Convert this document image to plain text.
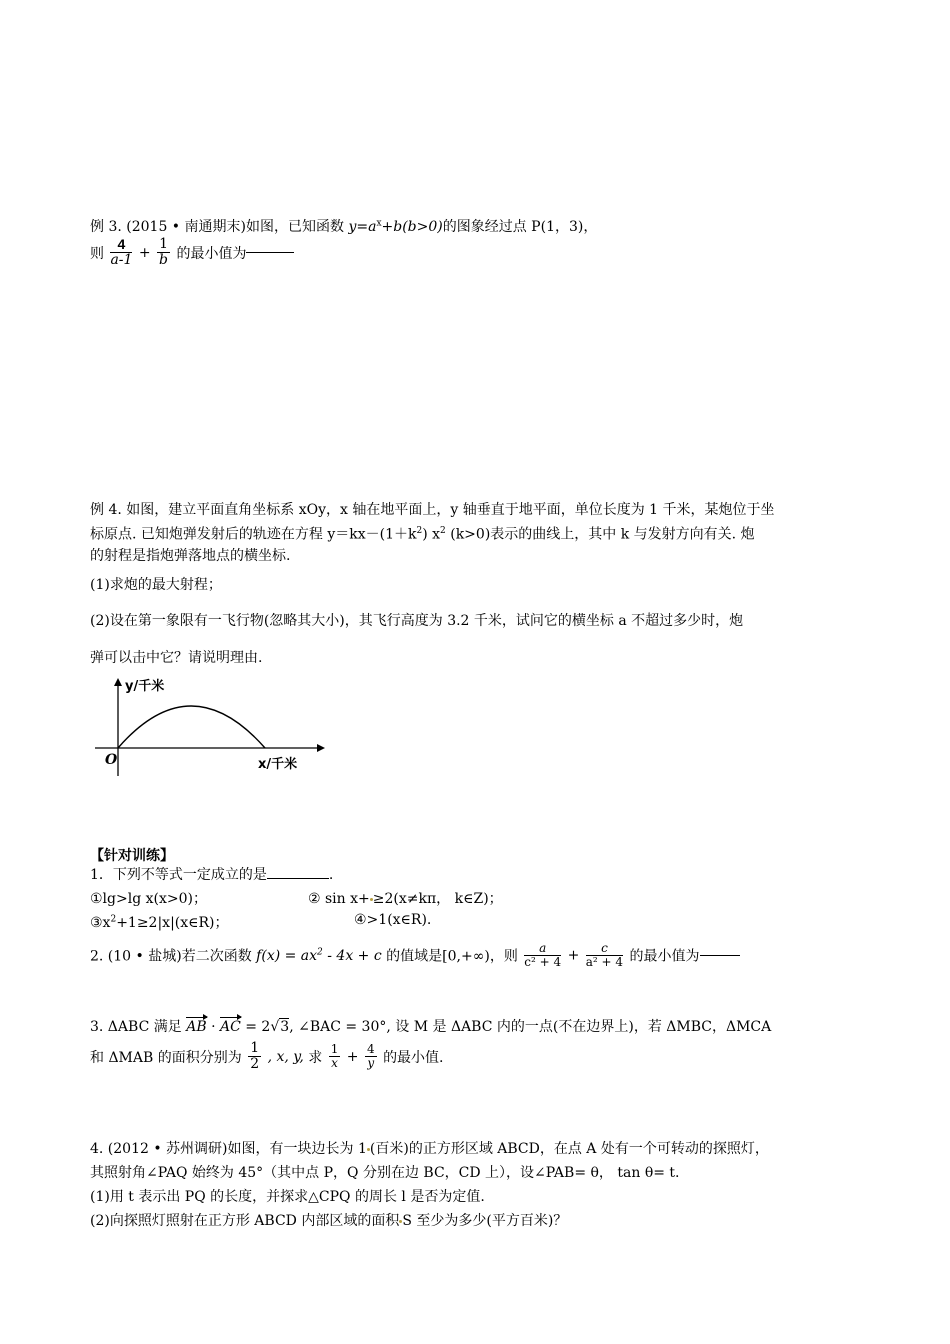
例 3. (2015 • 南通期末)如图，已知函数 $y=a^x+b(b>0)$的图象经过点 P(1，3)，
则 $\frac{4}{a-1} + \frac{1}{b}$ 的最小值为
例 4. 如图，建立平面直角坐标系 xOy，x 轴在地平面上，y 轴垂直于地平面，单位长度为 1 千米，某炮位于坐
标原点. 已知炮弹发射后的轨迹在方程 $y=kx-(1+k^2)$ $x^2$ (k>0)表示的曲线上，其中 k 与发射方向有关. 炮
的射程是指炮弹落地点的横坐标.
(1)求炮的最大射程；
(2)设在第一象限有一飞行物(忽略其大小)，其飞行高度为 3.2 千米，试问它的横坐标 a 不超过多少时，炮
弹可以击中它？请说明理由.
y/千米
O	x/千米
【针对训练】
1．下列不等式一定成立的是	.
①lg>lg x(x>0)；	② sin x+ ≥2(x≠kπ， k∈Z)；
$③x^2+1\ge 2|x|(x\in R)$；	④>1(x∈R).
2. (10 • 盐城)若二次函数 $f(x) = ax^2 - 4x + c$ 的值域是[0,+∞)，则 $\frac{a}{\text{c² + 4}} + \frac{c}{\text{a² + 4}}$ 的最小值为
3. ΔABC 满足 AB · AC = 2√3, ∠BAC = 30°, 设 M 是 ΔABC 内的一点(不在边界上)，若 ΔMBC，ΔMCA
和 ΔMAB 的面积分别为 $\frac{1}{2}$ , x, y, 求 $\frac{1}{x} + \frac{4}{y}$ 的最小值.
4. (2012 • 苏州调研)如图，有一块边长为 1 (百米)的正方形区域 ABCD，在点 A 处有一个可转动的探照灯，
其照射角∠PAQ 始终为 45°（其中点 P，Q 分别在边 BC，CD 上），设∠PAB= θ， tan θ= t.
(1)用 t 表示出 PQ 的长度，并探求△CPQ 的周长 l 是否为定值.
(2)向探照灯照射在正方形 ABCD 内部区域的面积 S 至少为多少(平方百米)？
